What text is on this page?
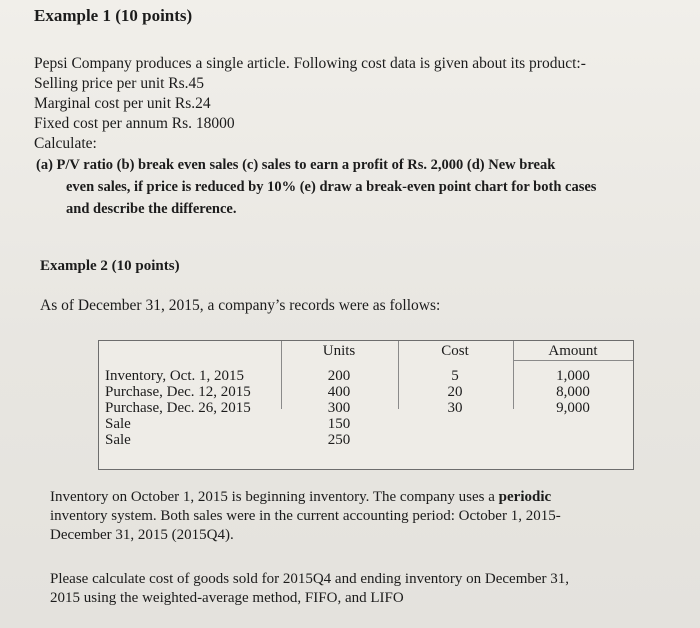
Example 1 (10 points)
Pepsi Company produces a single article. Following cost data is given about its product:-
Selling price per unit Rs.45
Marginal cost per unit Rs.24
Fixed cost per annum Rs. 18000
Calculate:
(a) P/V ratio (b) break even sales (c) sales to earn a profit of Rs. 2,000 (d) New break
even sales, if price is reduced by 10% (e) draw a break-even point chart for both cases
and describe the difference.
Example 2 (10 points)
As of December 31, 2015, a company’s records were as follows:
Units	Cost	Amount
Inventory, Oct. 1, 2015
Purchase, Dec. 12, 2015
Purchase, Dec. 26, 2015
Sale
Sale
200
400
300
150
250
5
20
30
1,000
8,000
9,000
Inventory on October 1, 2015 is beginning inventory. The company uses a periodic
inventory system. Both sales were in the current accounting period: October 1, 2015-
December 31, 2015 (2015Q4).
Please calculate cost of goods sold for 2015Q4 and ending inventory on December 31,
2015 using the weighted-average method, FIFO, and LIFO
